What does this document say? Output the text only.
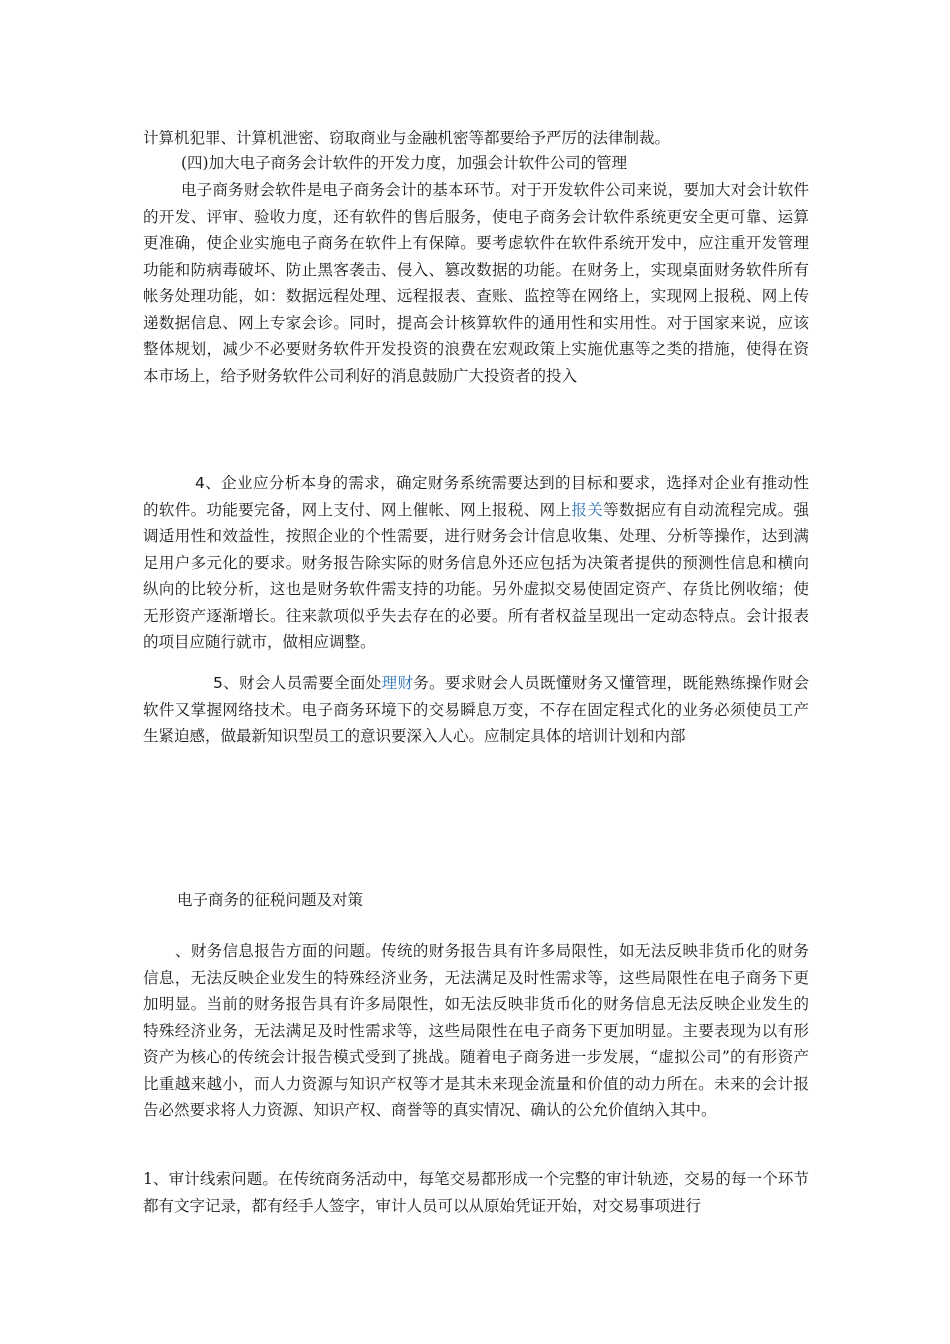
计算机犯罪、计算机泄密、窃取商业与金融机密等都要给予严厉的法律制裁。

(四)加大电子商务会计软件的开发力度，加强会计软件公司的管理

电子商务财会软件是电子商务会计的基本环节。对于开发软件公司来说，要加大对会计软件的开发、评审、验收力度，还有软件的售后服务，使电子商务会计软件系统更安全更可靠、运算更准确，使企业实施电子商务在软件上有保障。要考虑软件在软件系统开发中，应注重开发管理功能和防病毒破坏、防止黑客袭击、侵入、篡改数据的功能。在财务上，实现桌面财务软件所有帐务处理功能，如：数据远程处理、远程报表、查账、监控等在网络上，实现网上报税、网上传递数据信息、网上专家会诊。同时，提高会计核算软件的通用性和实用性。对于国家来说，应该整体规划，减少不必要财务软件开发投资的浪费在宏观政策上实施优惠等之类的措施，使得在资本市场上，给予财务软件公司利好的消息鼓励广大投资者的投入

4、企业应分析本身的需求，确定财务系统需要达到的目标和要求，选择对企业有推动性的软件。功能要完备，网上支付、网上催帐、网上报税、网上报关等数据应有自动流程完成。强调适用性和效益性，按照企业的个性需要，进行财务会计信息收集、处理、分析等操作，达到满足用户多元化的要求。财务报告除实际的财务信息外还应包括为决策者提供的预测性信息和横向纵向的比较分析，这也是财务软件需支持的功能。另外虚拟交易使固定资产、存货比例收缩；使无形资产逐渐增长。往来款项似乎失去存在的必要。所有者权益呈现出一定动态特点。会计报表的项目应随行就市，做相应调整。

5、财会人员需要全面处理财务。要求财会人员既懂财务又懂管理，既能熟练操作财会软件又掌握网络技术。电子商务环境下的交易瞬息万变，不存在固定程式化的业务必须使员工产生紧迫感，做最新知识型员工的意识要深入人心。应制定具体的培训计划和内部

电子商务的征税问题及对策

、财务信息报告方面的问题。传统的财务报告具有许多局限性，如无法反映非货币化的财务信息，无法反映企业发生的特殊经济业务，无法满足及时性需求等，这些局限性在电子商务下更加明显。当前的财务报告具有许多局限性，如无法反映非货币化的财务信息无法反映企业发生的特殊经济业务，无法满足及时性需求等，这些局限性在电子商务下更加明显。主要表现为以有形资产为核心的传统会计报告模式受到了挑战。随着电子商务进一步发展，“虚拟公司”的有形资产比重越来越小，而人力资源与知识产权等才是其未来现金流量和价值的动力所在。未来的会计报告必然要求将人力资源、知识产权、商誉等的真实情况、确认的公允价值纳入其中。

1、审计线索问题。在传统商务活动中，每笔交易都形成一个完整的审计轨迹，交易的每一个环节都有文字记录，都有经手人签字，审计人员可以从原始凭证开始，对交易事项进行
